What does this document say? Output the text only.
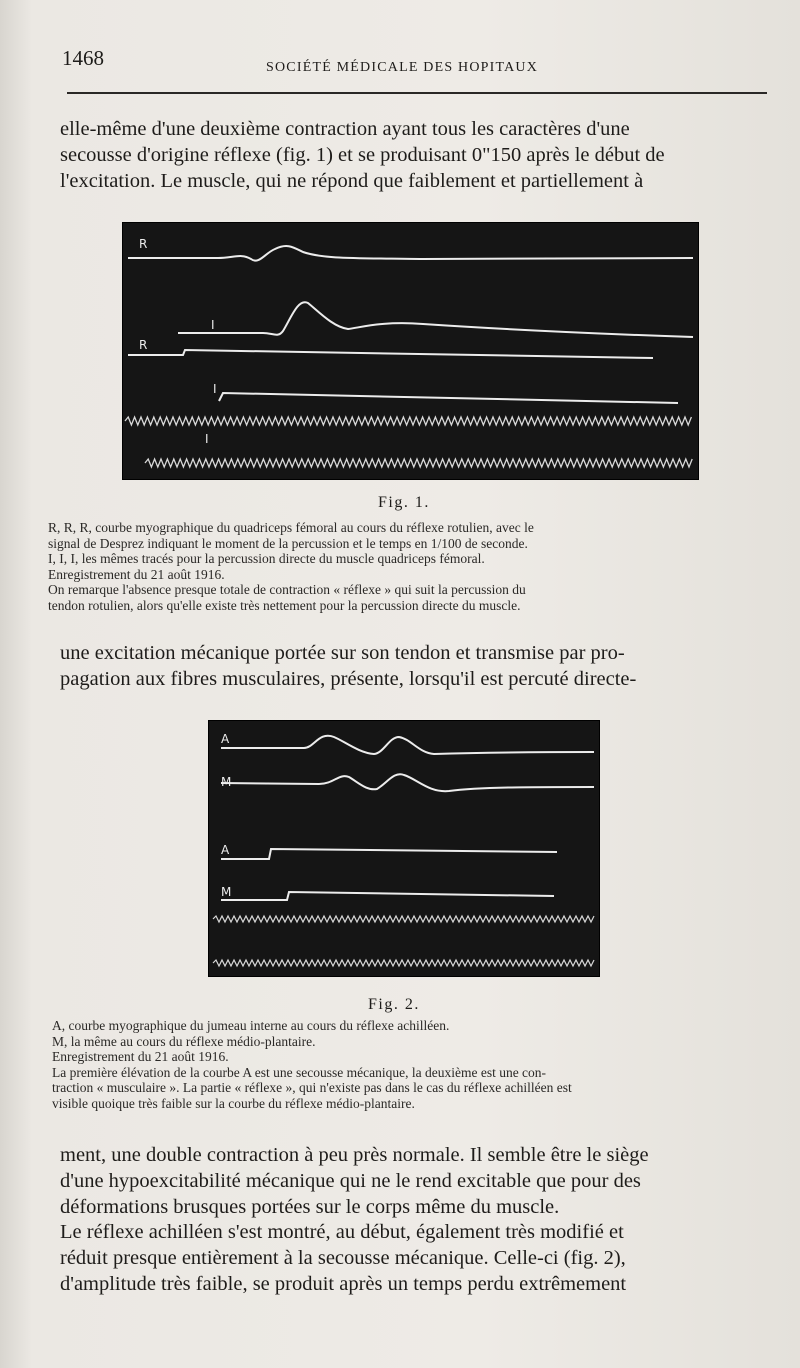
1468	SOCIÉTÉ MÉDICALE DES HOPITAUX
elle-même d'une deuxième contraction ayant tous les caractères d'une
secousse d'origine réflexe (fig. 1) et se produisant 0"150 après le début de
l'excitation. Le muscle, qui ne répond que faiblement et partiellement à
R
I
R
I
I
Fig. 1.
R, R, R, courbe myographique du quadriceps fémoral au cours du réflexe rotulien, avec le
signal de Desprez indiquant le moment de la percussion et le temps en 1/100 de seconde.
I, I, I, les mêmes tracés pour la percussion directe du muscle quadriceps fémoral.
Enregistrement du 21 août 1916.
On remarque l'absence presque totale de contraction « réflexe » qui suit la percussion du
tendon rotulien, alors qu'elle existe très nettement pour la percussion directe du muscle.
une excitation mécanique portée sur son tendon et transmise par pro-
pagation aux fibres musculaires, présente, lorsqu'il est percuté directe-
A
M
A
M
Fig. 2.
A, courbe myographique du jumeau interne au cours du réflexe achilléen.
M, la même au cours du réflexe médio-plantaire.
Enregistrement du 21 août 1916.
La première élévation de la courbe A est une secousse mécanique, la deuxième est une con-
traction « musculaire ». La partie « réflexe », qui n'existe pas dans le cas du réflexe achilléen est
visible quoique très faible sur la courbe du réflexe médio-plantaire.
ment, une double contraction à peu près normale. Il semble être le siège
d'une hypoexcitabilité mécanique qui ne le rend excitable que pour des
déformations brusques portées sur le corps même du muscle.
Le réflexe achilléen s'est montré, au début, également très modifié et
réduit presque entièrement à la secousse mécanique. Celle-ci (fig. 2),
d'amplitude très faible, se produit après un temps perdu extrêmement
